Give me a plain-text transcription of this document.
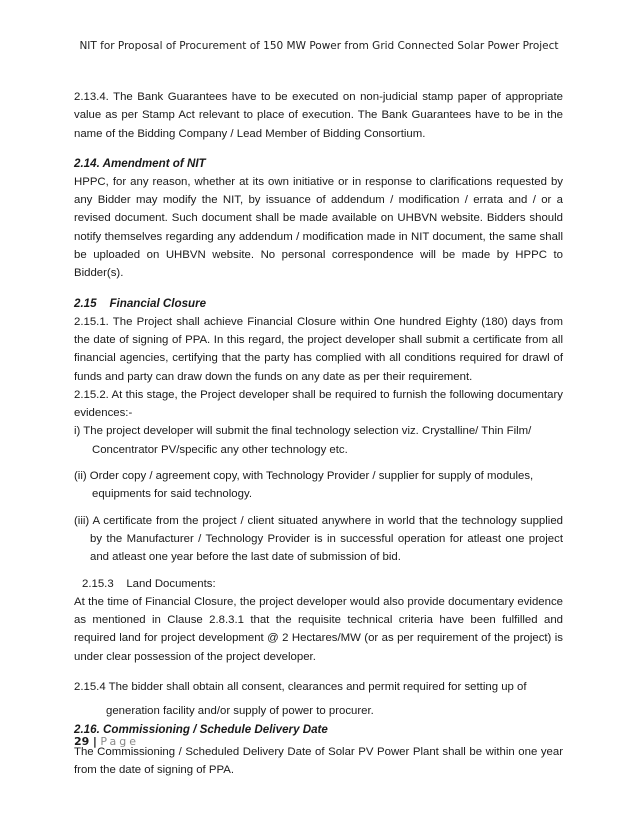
NIT for Proposal of Procurement of 150 MW Power from Grid Connected Solar Power Project

2.13.4. The Bank Guarantees have to be executed on non-judicial stamp paper of appropriate value as per Stamp Act relevant to place of execution. The Bank Guarantees have to be in the name of the Bidding Company / Lead Member of Bidding Consortium.

2.14. Amendment of NIT

HPPC, for any reason, whether at its own initiative or in response to clarifications requested by any Bidder may modify the NIT, by issuance of addendum / modification / errata and / or a revised document. Such document shall be made available on UHBVN website. Bidders should notify themselves regarding any addendum / modification made in NIT document, the same shall be uploaded on UHBVN website. No personal correspondence will be made by HPPC to Bidder(s).

2.15    Financial Closure

2.15.1. The Project shall achieve Financial Closure within One hundred Eighty (180) days from the date of signing of PPA. In this regard, the project developer shall submit a certificate from all financial agencies, certifying that the party has complied with all conditions required for drawl of funds and party can draw down the funds on any date as per their requirement.

2.15.2. At this stage, the Project developer shall be required to furnish the following documentary evidences:-

i) The project developer will submit the final technology selection viz. Crystalline/ Thin Film/ Concentrator PV/specific any other technology etc.

(ii) Order copy / agreement copy, with Technology Provider / supplier for supply of modules, equipments for said technology.

(iii) A certificate from the project / client situated anywhere in world that the technology supplied by the Manufacturer / Technology Provider is in successful operation for atleast one project and atleast one year before the last date of submission of bid.

2.15.3    Land Documents:

At the time of Financial Closure, the project developer would also provide documentary evidence as mentioned in Clause 2.8.3.1 that the requisite technical criteria have been fulfilled and required land for project development @ 2 Hectares/MW (or as per requirement of the project) is under clear possession of the project developer.

2.15.4 The bidder shall obtain all consent, clearances and permit required for setting up of

generation facility and/or supply of power to procurer.

2.16. Commissioning / Schedule Delivery Date

The Commissioning / Scheduled Delivery Date of Solar PV Power Plant shall be within one year from the date of signing of PPA.

29 | Page
